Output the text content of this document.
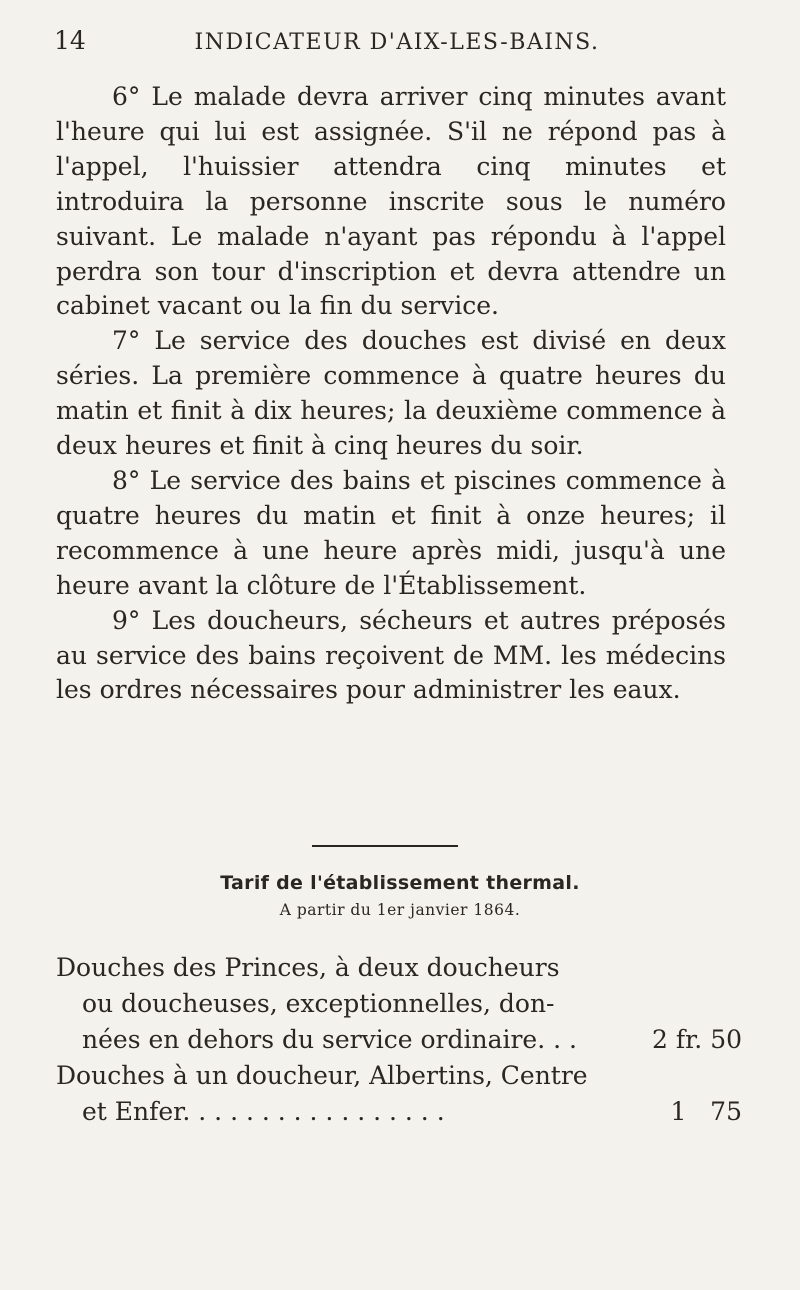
14	INDICATEUR D'AIX-LES-BAINS.

6° Le malade devra arriver cinq minutes avant l'heure qui lui est assignée. S'il ne répond pas à l'appel, l'huissier attendra cinq minutes et introduira la personne inscrite sous le numéro suivant. Le malade n'ayant pas répondu à l'appel perdra son tour d'inscription et devra attendre un cabinet vacant ou la fin du service.

7° Le service des douches est divisé en deux séries. La première commence à quatre heures du matin et finit à dix heures; la deuxième commence à deux heures et finit à cinq heures du soir.

8° Le service des bains et piscines commence à quatre heures du matin et finit à onze heures; il recommence à une heure après midi, jusqu'à une heure avant la clôture de l'Établissement.

9° Les doucheurs, sécheurs et autres préposés au service des bains reçoivent de MM. les médecins les ordres nécessaires pour administrer les eaux.

Tarif de l'établissement thermal.
A partir du 1er janvier 1864.
Douches des Princes, à deux doucheurs
ou doucheuses, exceptionnelles, don-
nées en dehors du service ordinaire. . .	2 fr. 50
Douches à un doucheur, Albertins, Centre
et Enfer. . . . . . . . . . . . . . . . .	1   75
